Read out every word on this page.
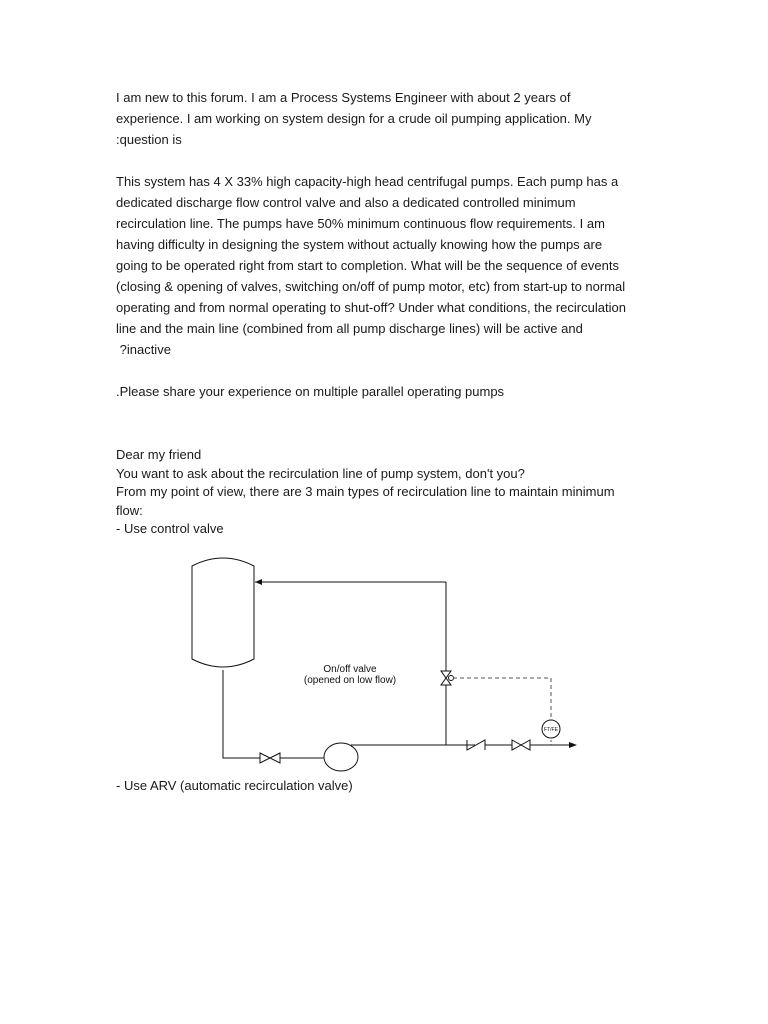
I am new to this forum. I am a Process Systems Engineer with about 2 years of
experience. I am working on system design for a crude oil pumping application. My
:question is
This system has 4 X 33% high capacity-high head centrifugal pumps. Each pump has a
dedicated discharge flow control valve and also a dedicated controlled minimum
recirculation line. The pumps have 50% minimum continuous flow requirements. I am
having difficulty in designing the system without actually knowing how the pumps are
going to be operated right from start to completion. What will be the sequence of events
(closing & opening of valves, switching on/off of pump motor, etc) from start-up to normal
operating and from normal operating to shut-off? Under what conditions, the recirculation
line and the main line (combined from all pump discharge lines) will be active and
?inactive
.Please share your experience on multiple parallel operating pumps
Dear my friend
You want to ask about the recirculation line of pump system, don't you?
From my point of view, there are 3 main types of recirculation line to maintain minimum
flow:
- Use control valve
On/off valve
(opened on low flow)
FT/FE
- Use ARV (automatic recirculation valve)
